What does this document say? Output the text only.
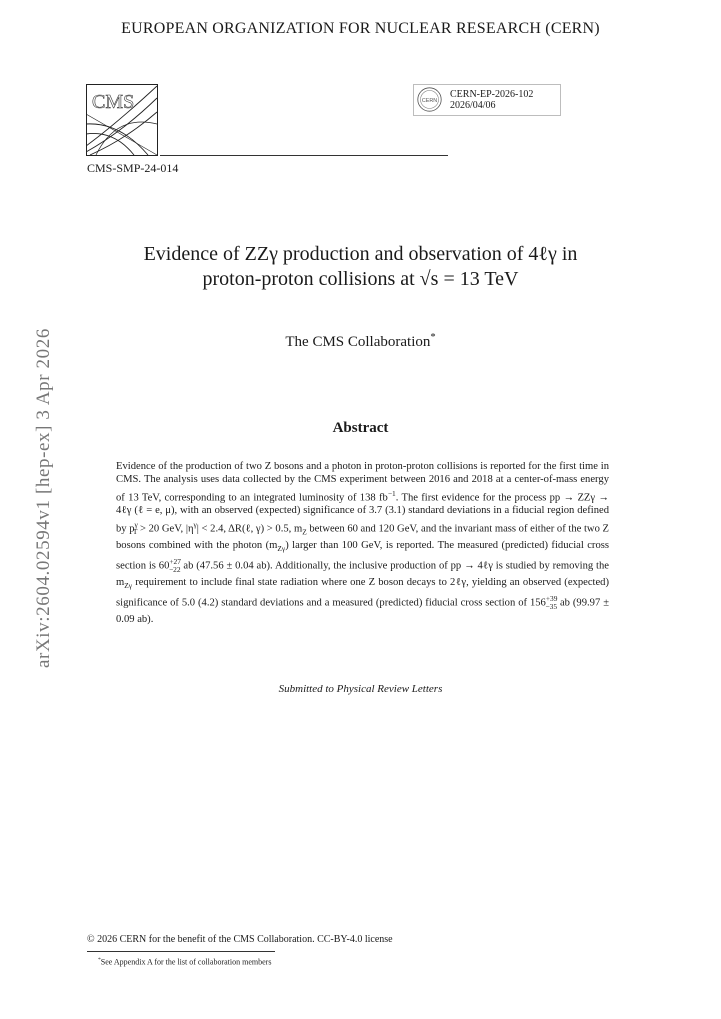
EUROPEAN ORGANIZATION FOR NUCLEAR RESEARCH (CERN)
CMS	CERN
CERN-EP-2026-102
2026/04/06
CMS-SMP-24-014
Evidence of ZZγ production and observation of 4ℓγ in
proton-proton collisions at √s = 13 TeV
The CMS Collaboration*
Abstract
Evidence of the production of two Z bosons and a photon in proton-proton collisions is reported for the first time in CMS. The analysis uses data collected by the CMS experiment between 2016 and 2018 at a center-of-mass energy of 13 TeV, corresponding to an integrated luminosity of 138 $fb^{-1}$. The first evidence for the process pp → ZZγ → 4ℓγ (ℓ = e, μ), with an observed (expected) significance of 3.7 (3.1) standard deviations in a fiducial region defined by $p^\gamma_T > 20$ GeV, $|\eta^\gamma| < 2.4$, ΔR(ℓ, γ) > 0.5, $m_Z$ between 60 and 120 GeV, and the invariant mass of either of the two Z bosons combined with the photon $(m_{Z\gamma})$ larger than 100 GeV, is reported. The measured (predicted) fiducial cross section is $60^{+27}_{-22}$ ab (47.56 ± 0.04 ab). Additionally, the inclusive production of pp → 4ℓγ is studied by removing the $m_{Z\gamma}$ requirement to include final state radiation where one Z boson decays to 2ℓγ, yielding an observed (expected) significance of 5.0 (4.2) standard deviations and a measured (predicted) fiducial cross section of $156^{+39}_{-35}$ ab (99.97 ± 0.09 ab).
Submitted to Physical Review Letters
arXiv:2604.02594v1 [hep-ex] 3 Apr 2026
© 2026 CERN for the benefit of the CMS Collaboration. CC-BY-4.0 license
*See Appendix A for the list of collaboration members
